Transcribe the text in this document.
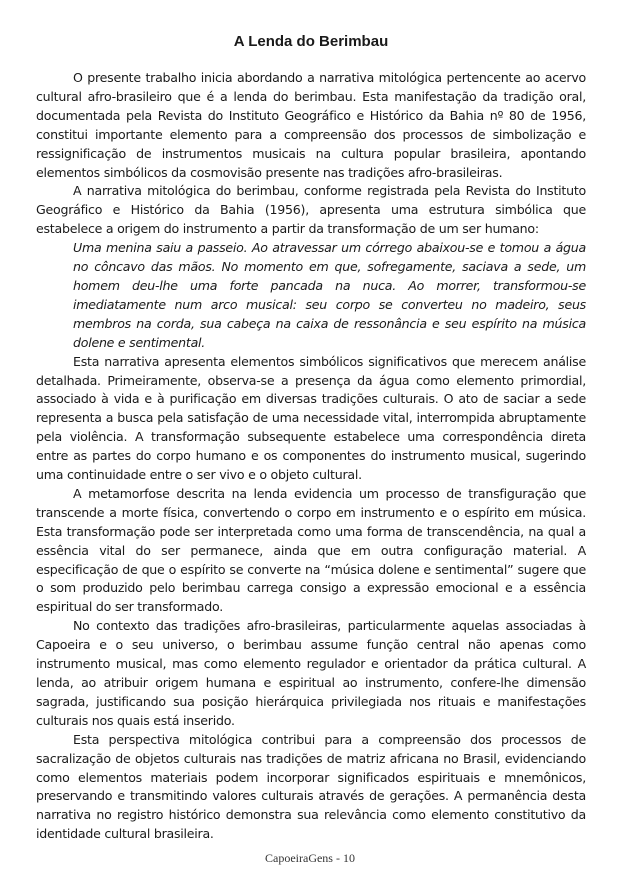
A Lenda do Berimbau

O presente trabalho inicia abordando a narrativa mitológica pertencente ao acervo cultural afro-brasileiro que é a lenda do berimbau. Esta manifestação da tradição oral, documentada pela Revista do Instituto Geográfico e Histórico da Bahia nº 80 de 1956, constitui importante elemento para a compreensão dos processos de simbolização e ressignificação de instrumentos musicais na cultura popular brasileira, apontando elementos simbólicos da cosmovisão presente nas tradições afro-brasileiras.

A narrativa mitológica do berimbau, conforme registrada pela Revista do Instituto Geográfico e Histórico da Bahia (1956), apresenta uma estrutura simbólica que estabelece a origem do instrumento a partir da transformação de um ser humano:

Uma menina saiu a passeio. Ao atravessar um córrego abaixou-se e tomou a água no côncavo das mãos. No momento em que, sofregamente, saciava a sede, um homem deu-lhe uma forte pancada na nuca. Ao morrer, transformou-se imediatamente num arco musical: seu corpo se converteu no madeiro, seus membros na corda, sua cabeça na caixa de ressonância e seu espírito na música dolene e sentimental.

Esta narrativa apresenta elementos simbólicos significativos que merecem análise detalhada. Primeiramente, observa-se a presença da água como elemento primordial, associado à vida e à purificação em diversas tradições culturais. O ato de saciar a sede representa a busca pela satisfação de uma necessidade vital, interrompida abruptamente pela violência. A transformação subsequente estabelece uma correspondência direta entre as partes do corpo humano e os componentes do instrumento musical, sugerindo uma continuidade entre o ser vivo e o objeto cultural.

A metamorfose descrita na lenda evidencia um processo de transfiguração que transcende a morte física, convertendo o corpo em instrumento e o espírito em música. Esta transformação pode ser interpretada como uma forma de transcendência, na qual a essência vital do ser permanece, ainda que em outra configuração material. A especificação de que o espírito se converte na “música dolene e sentimental” sugere que o som produzido pelo berimbau carrega consigo a expressão emocional e a essência espiritual do ser transformado.

No contexto das tradições afro-brasileiras, particularmente aquelas associadas à Capoeira e o seu universo, o berimbau assume função central não apenas como instrumento musical, mas como elemento regulador e orientador da prática cultural. A lenda, ao atribuir origem humana e espiritual ao instrumento, confere-lhe dimensão sagrada, justificando sua posição hierárquica privilegiada nos rituais e manifestações culturais nos quais está inserido.

Esta perspectiva mitológica contribui para a compreensão dos processos de sacralização de objetos culturais nas tradições de matriz africana no Brasil, evidenciando como elementos materiais podem incorporar significados espirituais e mnemônicos, preservando e transmitindo valores culturais através de gerações. A permanência desta narrativa no registro histórico demonstra sua relevância como elemento constitutivo da identidade cultural brasileira.

CapoeiraGens - 10
